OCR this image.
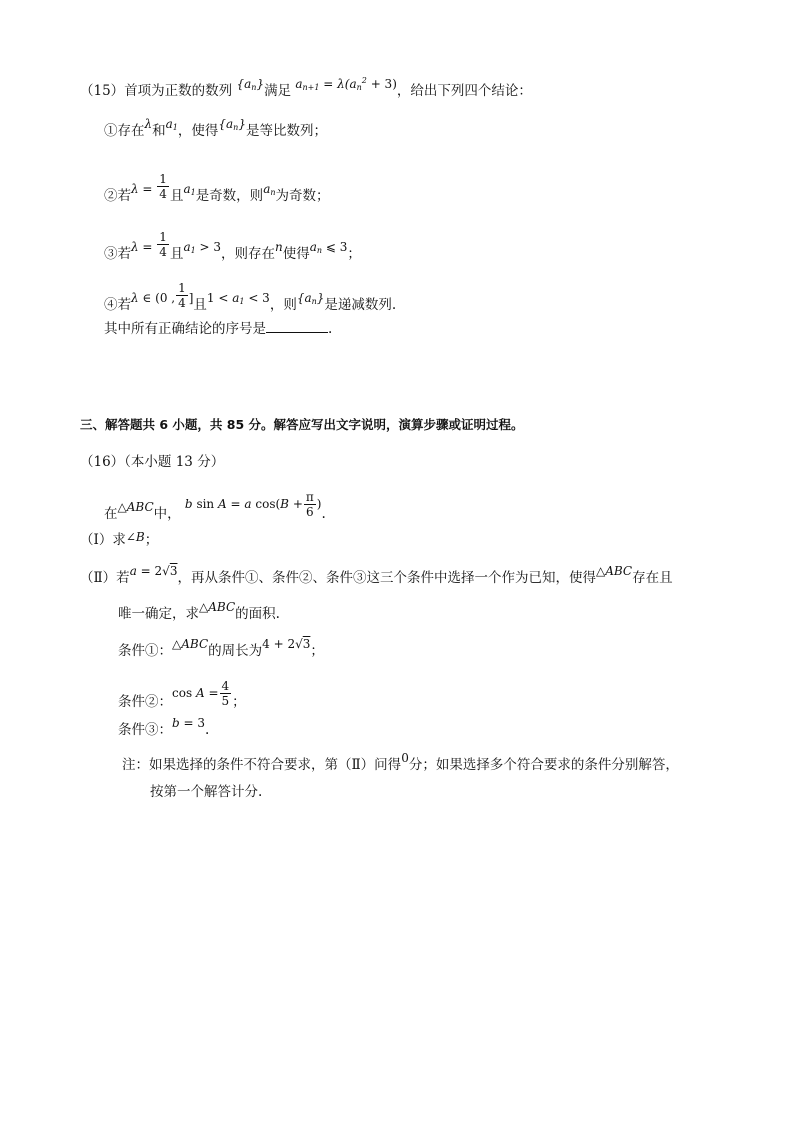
（15）首项为正数的数列 $\{a_n\}$满足 $a_{n+1} = \lambda(a_n^2 + 3)$，给出下列四个结论：
①存在λ和$a_1$，使得$\{a_n\}$是等比数列；
②若$\lambda = \frac{1}{4}$ 且$a_1$是奇数，则$a_n$为奇数；
③若$\lambda = \frac{1}{4}$ 且$a_1 > 3$，则存在n使得$a_n$ ⩽ 3；
④若λ ∈ (0 , $\frac{1}{4}$ ]且$1 < a_1 < 3$，则$\{a_n\}$是递减数列.
其中所有正确结论的序号是	.
三、解答题共 6 小题，共 85 分。解答应写出文字说明，演算步骤或证明过程。
（16）（本小题 13 分）
在△ABC中， b sin A = a $\cos(B + \frac{\pi}{6}$ ).
（Ⅰ）求∠B；
（Ⅱ）若a = 2√3，再从条件①、条件②、条件③这三个条件中选择一个作为已知，使得△ABC存在且
唯一确定，求△ABC的面积.
条件①：△ABC的周长为4 + 2√3；
条件②：$\cos A = \frac{4}{5}$ ；
条件③：b = 3.
注：如果选择的条件不符合要求，第（Ⅱ）问得0分；如果选择多个符合要求的条件分别解答，
按第一个解答计分.
